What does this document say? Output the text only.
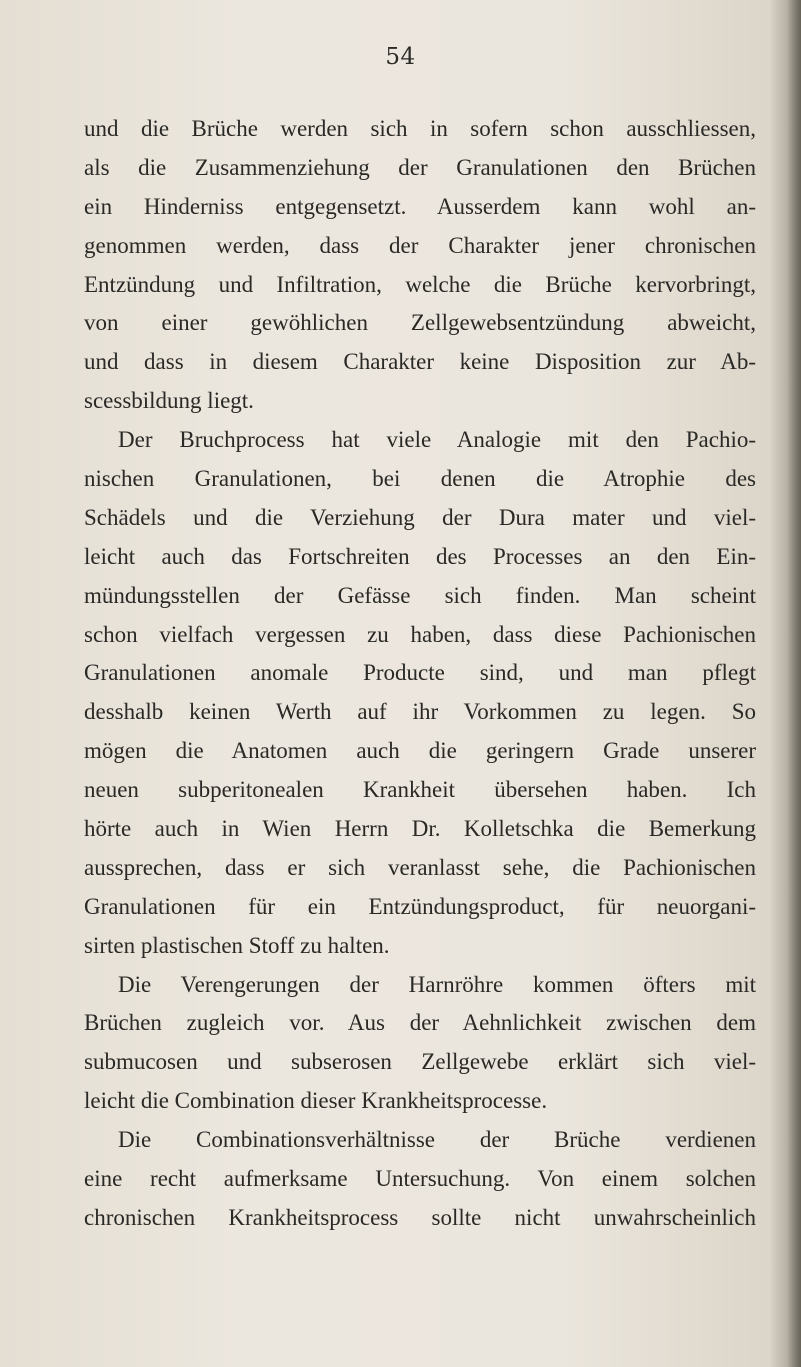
54
und die Brüche werden sich in sofern schon ausschliessen,
als die Zusammenziehung der Granulationen den Brüchen
ein Hinderniss entgegensetzt. Ausserdem kann wohl an-
genommen werden, dass der Charakter jener chronischen
Entzündung und Infiltration, welche die Brüche kervorbringt,
von einer gewöhlichen Zellgewebsentzündung abweicht,
und dass in diesem Charakter keine Disposition zur Ab-
scessbildung liegt.
Der Bruchprocess hat viele Analogie mit den Pachio-
nischen Granulationen, bei denen die Atrophie des
Schädels und die Verziehung der Dura mater und viel-
leicht auch das Fortschreiten des Processes an den Ein-
mündungsstellen der Gefässe sich finden. Man scheint
schon vielfach vergessen zu haben, dass diese Pachionischen
Granulationen anomale Producte sind, und man pflegt
desshalb keinen Werth auf ihr Vorkommen zu legen. So
mögen die Anatomen auch die geringern Grade unserer
neuen subperitonealen Krankheit übersehen haben. Ich
hörte auch in Wien Herrn Dr. Kolletschka die Bemerkung
aussprechen, dass er sich veranlasst sehe, die Pachionischen
Granulationen für ein Entzündungsproduct, für neuorgani-
sirten plastischen Stoff zu halten.
Die Verengerungen der Harnröhre kommen öfters mit
Brüchen zugleich vor. Aus der Aehnlichkeit zwischen dem
submucosen und subserosen Zellgewebe erklärt sich viel-
leicht die Combination dieser Krankheitsprocesse.
Die Combinationsverhältnisse der Brüche verdienen
eine recht aufmerksame Untersuchung. Von einem solchen
chronischen Krankheitsprocess sollte nicht unwahrscheinlich
